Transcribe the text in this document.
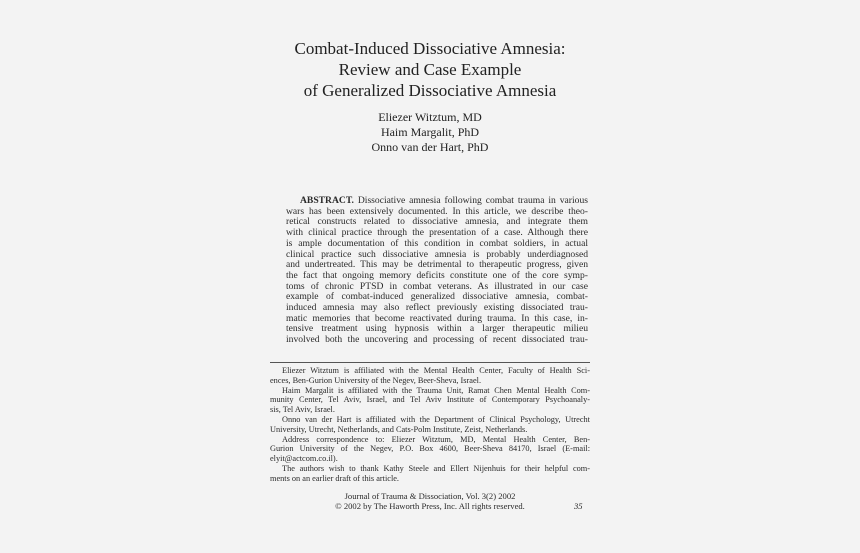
Combat-Induced Dissociative Amnesia:
Review and Case Example
of Generalized Dissociative Amnesia
Eliezer Witztum, MD
Haim Margalit, PhD
Onno van der Hart, PhD
ABSTRACT. Dissociative amnesia following combat trauma in various
wars has been extensively documented. In this article, we describe theo-
retical constructs related to dissociative amnesia, and integrate them
with clinical practice through the presentation of a case. Although there
is ample documentation of this condition in combat soldiers, in actual
clinical practice such dissociative amnesia is probably underdiagnosed
and undertreated. This may be detrimental to therapeutic progress, given
the fact that ongoing memory deficits constitute one of the core symp-
toms of chronic PTSD in combat veterans. As illustrated in our case
example of combat-induced generalized dissociative amnesia, combat-
induced amnesia may also reflect previously existing dissociated trau-
matic memories that become reactivated during trauma. In this case, in-
tensive treatment using hypnosis within a larger therapeutic milieu
involved both the uncovering and processing of recent dissociated trau-
Eliezer Witztum is affiliated with the Mental Health Center, Faculty of Health Sci-
ences, Ben-Gurion University of the Negev, Beer-Sheva, Israel.
Haim Margalit is affiliated with the Trauma Unit, Ramat Chen Mental Health Com-
munity Center, Tel Aviv, Israel, and Tel Aviv Institute of Contemporary Psychoanaly-
sis, Tel Aviv, Israel.
Onno van der Hart is affiliated with the Department of Clinical Psychology, Utrecht
University, Utrecht, Netherlands, and Cats-Polm Institute, Zeist, Netherlands.
Address correspondence to: Eliezer Witztum, MD, Mental Health Center, Ben-
Gurion University of the Negev, P.O. Box 4600, Beer-Sheva 84170, Israel (E-mail:
elyit@actcom.co.il).
The authors wish to thank Kathy Steele and Ellert Nijenhuis for their helpful com-
ments on an earlier draft of this article.
Journal of Trauma & Dissociation, Vol. 3(2) 2002
© 2002 by The Haworth Press, Inc. All rights reserved.	35
